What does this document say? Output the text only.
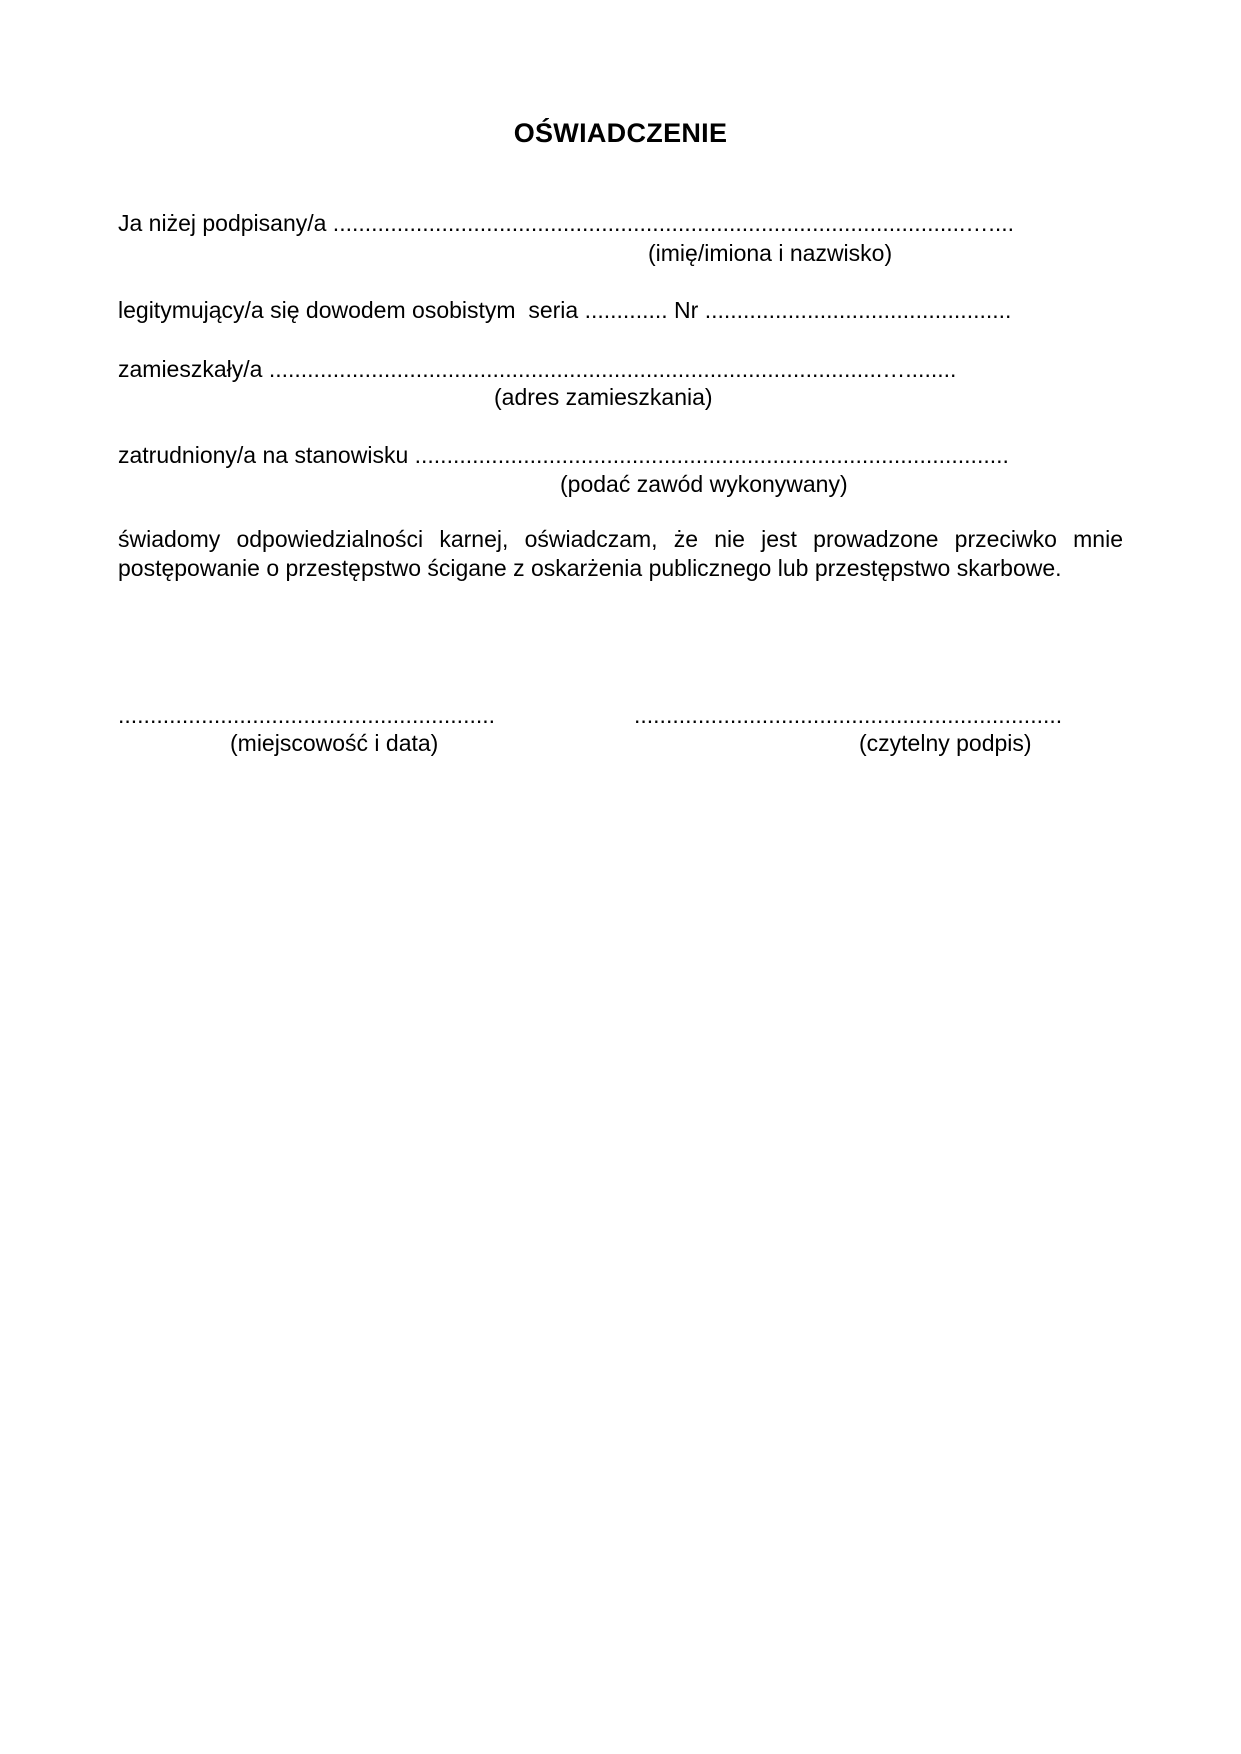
OŚWIADCZENIE
Ja niżej podpisany/a ...................................................................................................…....
(imię/imiona i nazwisko)
legitymujący/a się dowodem osobistym  seria ............. Nr ................................................
zamieszkały/a ................................................................................................…........
(adres zamieszkania)
zatrudniony/a na stanowisku .............................................................................................
(podać zawód wykonywany)
świadomy odpowiedzialności karnej, oświadczam, że nie jest prowadzone przeciwko mnie postępowanie o przestępstwo ścigane z oskarżenia publicznego lub przestępstwo skarbowe.
...........................................................
(miejscowość i data)
...................................................................
(czytelny podpis)
